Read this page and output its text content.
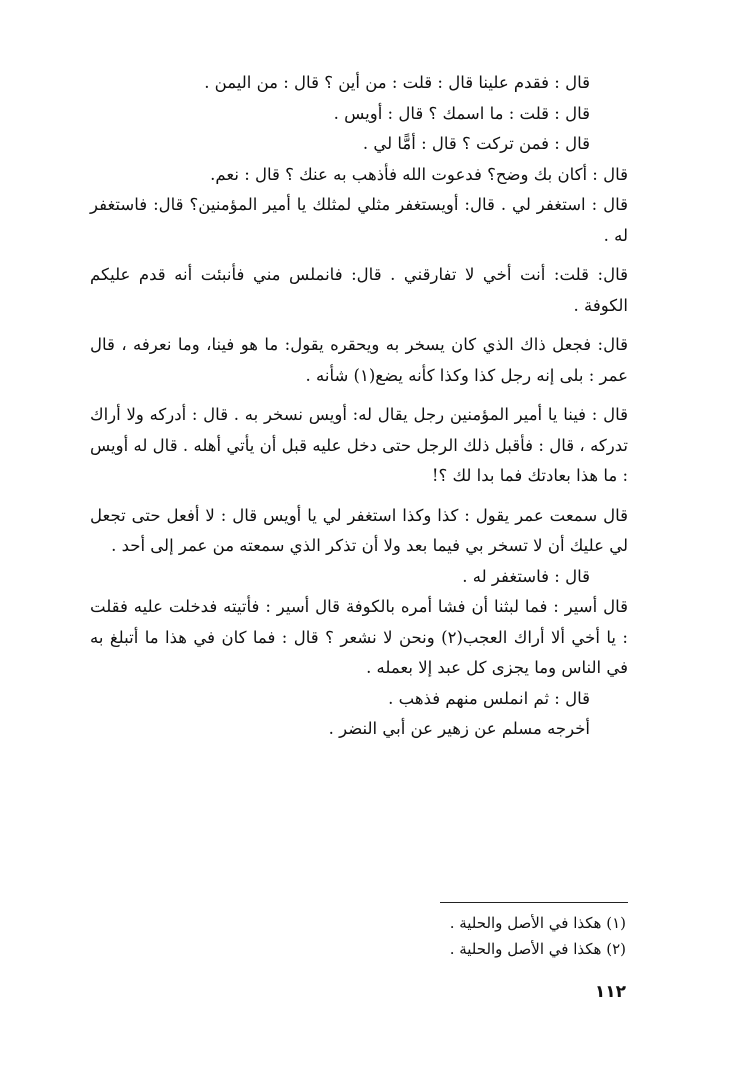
قال : فقدم علينا قال : قلت : من أين ؟ قال : من اليمن .

قال : قلت : ما اسمك ؟ قال : أويس .

قال : فمن تركت ؟ قال : أمًّا لي .

قال : أكان بك وضح؟ فدعوت الله فأذهب به عنك ؟ قال : نعم.

قال : استغفر لي . قال: أويستغفر مثلي لمثلك يا أمير المؤمنين؟ قال: فاستغفر له .

قال: قلت: أنت أخي لا تفارقني . قال: فانملس مني فأنبئت أنه قدم عليكم الكوفة .

قال: فجعل ذاك الذي كان يسخر به ويحقره يقول: ما هو فينا، وما نعرفه ، قال عمر : بلى إنه رجل كذا وكذا كأنه يضع(١) شأنه .

قال : فينا يا أمير المؤمنين رجل يقال له: أويس نسخر به . قال : أدركه ولا أراك تدركه ، قال : فأقبل ذلك الرجل حتى دخل عليه قبل أن يأتي أهله . قال له أويس : ما هذا بعادتك فما بدا لك ؟!

قال سمعت عمر يقول : كذا وكذا استغفر لي يا أويس قال : لا أفعل حتى تجعل لي عليك أن لا تسخر بي فيما بعد ولا أن تذكر الذي سمعته من عمر إلى أحد .

قال : فاستغفر له .

قال أسير : فما لبثنا أن فشا أمره بالكوفة قال أسير : فأتيته فدخلت عليه فقلت : يا أخي ألا أراك العجب(٢) ونحن لا نشعر ؟ قال : فما كان في هذا ما أتبلغ به في الناس وما يجزى كل عبد إلا بعمله .

قال : ثم انملس منهم فذهب .

أخرجه مسلم عن زهير عن أبي النضر .

(١) هكذا في الأصل والحلية .

(٢) هكذا في الأصل والحلية .

١١٢
